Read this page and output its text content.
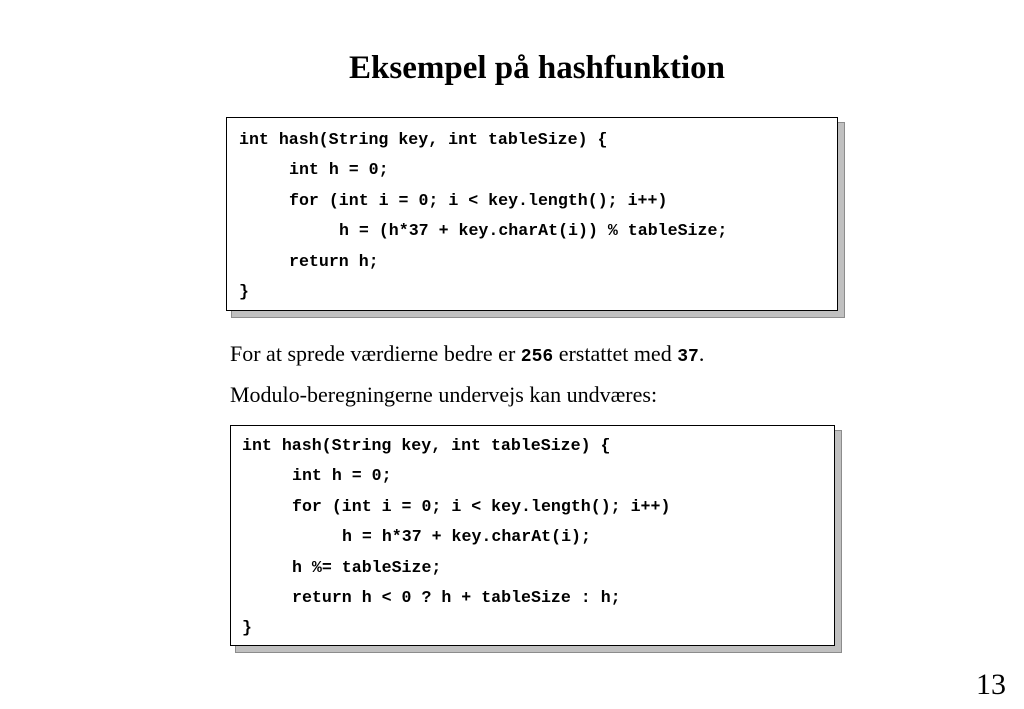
Eksempel på hashfunktion
int hash(String key, int tableSize) {
int h = 0;
for (int i = 0; i < key.length(); i++)
h = (h*37 + key.charAt(i)) % tableSize;
return h;
}
For at sprede værdierne bedre er 256 erstattet med 37.
Modulo-beregningerne undervejs kan undværes:
int hash(String key, int tableSize) {
int h = 0;
for (int i = 0; i < key.length(); i++)
h = h*37 + key.charAt(i);
h %= tableSize;
return h < 0 ? h + tableSize : h;
}
13
